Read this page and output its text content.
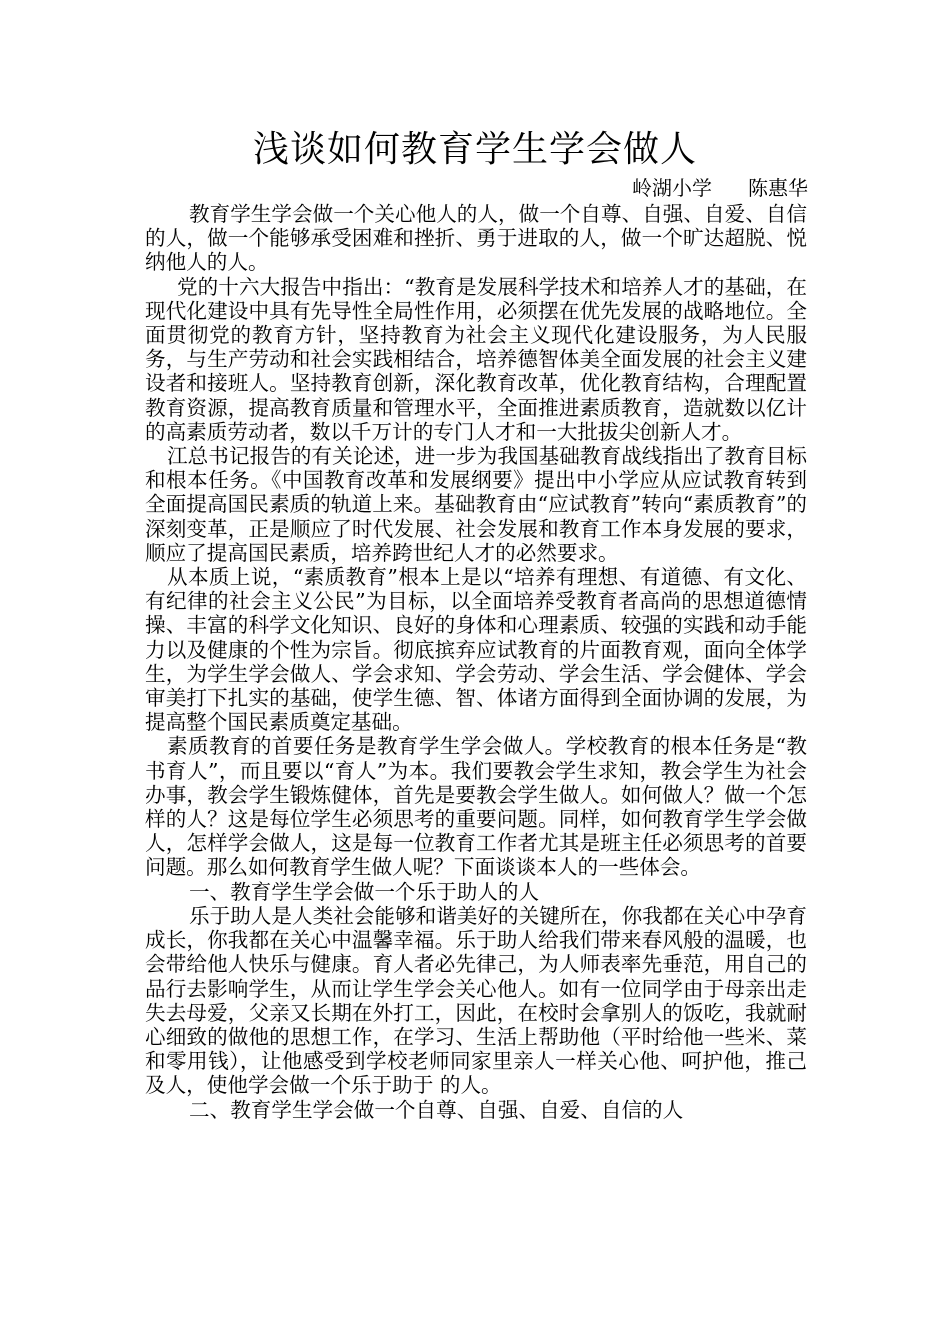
浅谈如何教育学生学会做人
岭湖小学 陈惠华

教育学生学会做一个关心他人的人，做一个自尊、自强、自爱、自信的人，做一个能够承受困难和挫折、勇于进取的人，做一个旷达超脱、悦纳他人的人。

党的十六大报告中指出：“教育是发展科学技术和培养人才的基础，在现代化建设中具有先导性全局性作用，必须摆在优先发展的战略地位。全面贯彻党的教育方针，坚持教育为社会主义现代化建设服务，为人民服务，与生产劳动和社会实践相结合，培养德智体美全面发展的社会主义建设者和接班人。坚持教育创新，深化教育改革，优化教育结构，合理配置教育资源，提高教育质量和管理水平，全面推进素质教育，造就数以亿计的高素质劳动者，数以千万计的专门人才和一大批拔尖创新人才。

江总书记报告的有关论述，进一步为我国基础教育战线指出了教育目标和根本任务。《中国教育改革和发展纲要》提出中小学应从应试教育转到全面提高国民素质的轨道上来。基础教育由“应试教育”转向“素质教育”的深刻变革，正是顺应了时代发展、社会发展和教育工作本身发展的要求，顺应了提高国民素质，培养跨世纪人才的必然要求。

从本质上说，“素质教育”根本上是以“培养有理想、有道德、有文化、有纪律的社会主义公民”为目标，以全面培养受教育者高尚的思想道德情操、丰富的科学文化知识、良好的身体和心理素质、较强的实践和动手能力以及健康的个性为宗旨。彻底摈弃应试教育的片面教育观，面向全体学生，为学生学会做人、学会求知、学会劳动、学会生活、学会健体、学会审美打下扎实的基础，使学生德、智、体诸方面得到全面协调的发展，为提高整个国民素质奠定基础。

素质教育的首要任务是教育学生学会做人。学校教育的根本任务是“教书育人”，而且要以“育人”为本。我们要教会学生求知，教会学生为社会办事，教会学生锻炼健体，首先是要教会学生做人。如何做人？做一个怎样的人？这是每位学生必须思考的重要问题。同样，如何教育学生学会做人，怎样学会做人，这是每一位教育工作者尤其是班主任必须思考的首要问题。那么如何教育学生做人呢？下面谈谈本人的一些体会。

一、教育学生学会做一个乐于助人的人

乐于助人是人类社会能够和谐美好的关键所在，你我都在关心中孕育成长，你我都在关心中温馨幸福。乐于助人给我们带来春风般的温暖，也会带给他人快乐与健康。育人者必先律己，为人师表率先垂范，用自己的品行去影响学生，从而让学生学会关心他人。如有一位同学由于母亲出走失去母爱，父亲又长期在外打工，因此，在校时会拿别人的饭吃，我就耐心细致的做他的思想工作，在学习、生活上帮助他（平时给他一些米、菜和零用钱），让他感受到学校老师同家里亲人一样关心他、呵护他，推己及人，使他学会做一个乐于助于 的人。

二、教育学生学会做一个自尊、自强、自爱、自信的人
